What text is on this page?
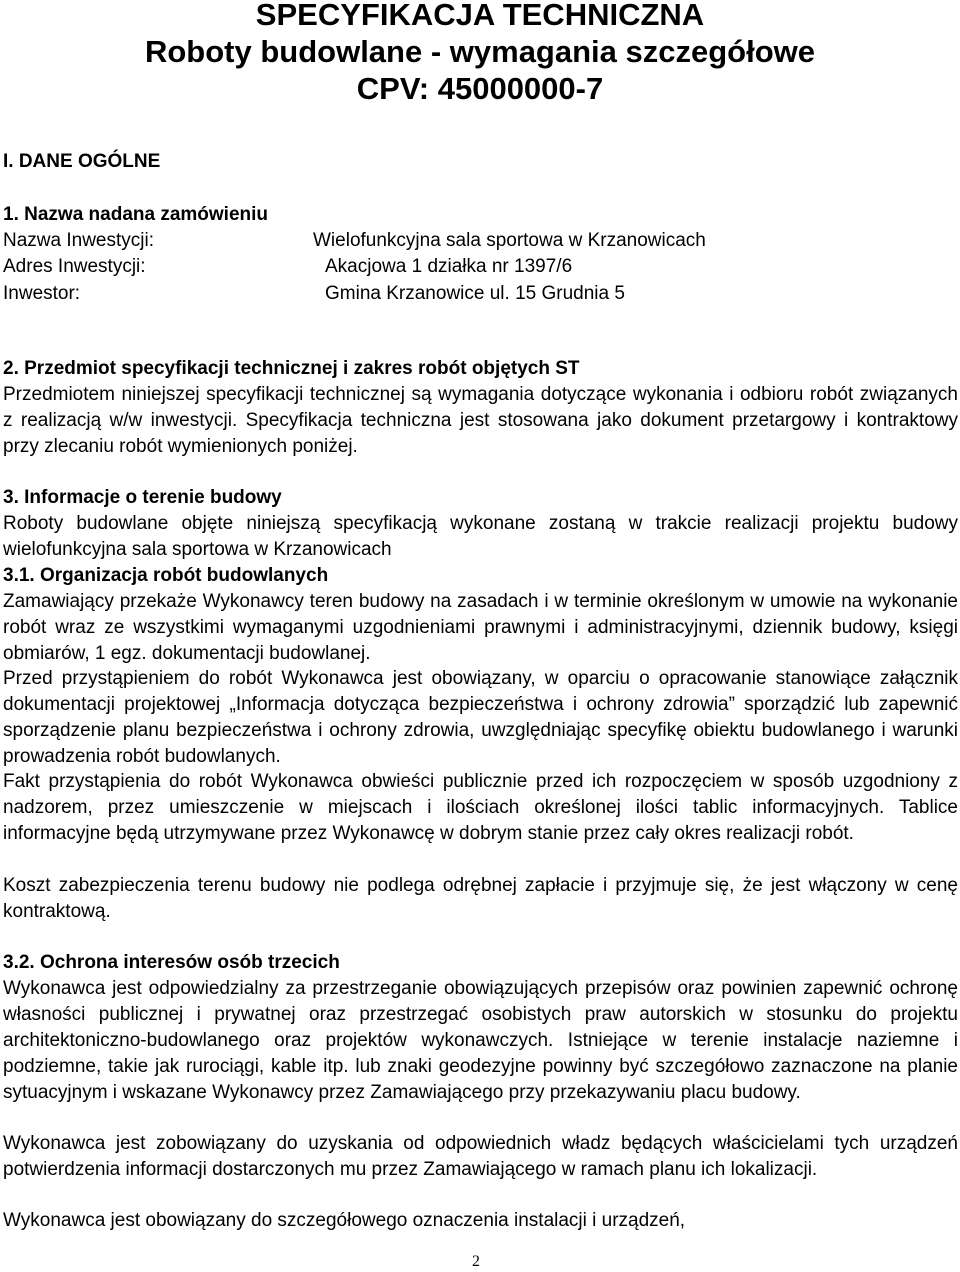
SPECYFIKACJA TECHNICZNA
Roboty budowlane - wymagania szczegółowe
CPV: 45000000-7
I. DANE OGÓLNE
1. Nazwa nadana zamówieniu
Nazwa Inwestycji:	Wielofunkcyjna sala sportowa w Krzanowicach
Adres Inwestycji:	Akacjowa 1 działka nr 1397/6
Inwestor:	Gmina Krzanowice ul. 15 Grudnia 5
2. Przedmiot specyfikacji technicznej i zakres robót objętych ST

Przedmiotem niniejszej specyfikacji technicznej są wymagania dotyczące wykonania i odbioru robót związanych z realizacją w/w inwestycji. Specyfikacja techniczna jest stosowana jako dokument przetargowy i kontraktowy przy zlecaniu robót wymienionych poniżej.

3. Informacje o terenie budowy

Roboty budowlane objęte niniejszą specyfikacją wykonane zostaną w trakcie realizacji projektu budowy wielofunkcyjna sala sportowa w Krzanowicach

3.1. Organizacja robót budowlanych

Zamawiający przekaże Wykonawcy teren budowy na zasadach i w terminie określonym w umowie na wykonanie robót wraz ze wszystkimi wymaganymi uzgodnieniami prawnymi i administracyjnymi, dziennik budowy, księgi obmiarów, 1 egz. dokumentacji budowlanej.

Przed przystąpieniem do robót Wykonawca jest obowiązany, w oparciu o opracowanie stanowiące załącznik dokumentacji projektowej „Informacja dotycząca bezpieczeństwa i ochrony zdrowia” sporządzić lub zapewnić sporządzenie planu bezpieczeństwa i ochrony zdrowia, uwzględniając specyfikę obiektu budowlanego i warunki prowadzenia robót budowlanych.

Fakt przystąpienia do robót Wykonawca obwieści publicznie przed ich rozpoczęciem w sposób uzgodniony z nadzorem, przez umieszczenie w miejscach i ilościach określonej ilości tablic informacyjnych. Tablice informacyjne będą utrzymywane przez Wykonawcę w dobrym stanie przez cały okres realizacji robót.

Koszt zabezpieczenia terenu budowy nie podlega odrębnej zapłacie i przyjmuje się, że jest włączony w cenę kontraktową.

3.2. Ochrona interesów osób trzecich

Wykonawca jest odpowiedzialny za przestrzeganie obowiązujących przepisów oraz powinien zapewnić ochronę własności publicznej i prywatnej oraz przestrzegać osobistych praw autorskich w stosunku do projektu architektoniczno-budowlanego oraz projektów wykonawczych. Istniejące w terenie instalacje naziemne i podziemne, takie jak rurociągi, kable itp. lub znaki geodezyjne powinny być szczegółowo zaznaczone na planie sytuacyjnym i wskazane Wykonawcy przez Zamawiającego przy przekazywaniu placu budowy.

Wykonawca jest zobowiązany do uzyskania od odpowiednich władz będących właścicielami tych urządzeń potwierdzenia informacji dostarczonych mu przez Zamawiającego w ramach planu ich lokalizacji.

Wykonawca jest obowiązany do szczegółowego oznaczenia instalacji i urządzeń,

2
